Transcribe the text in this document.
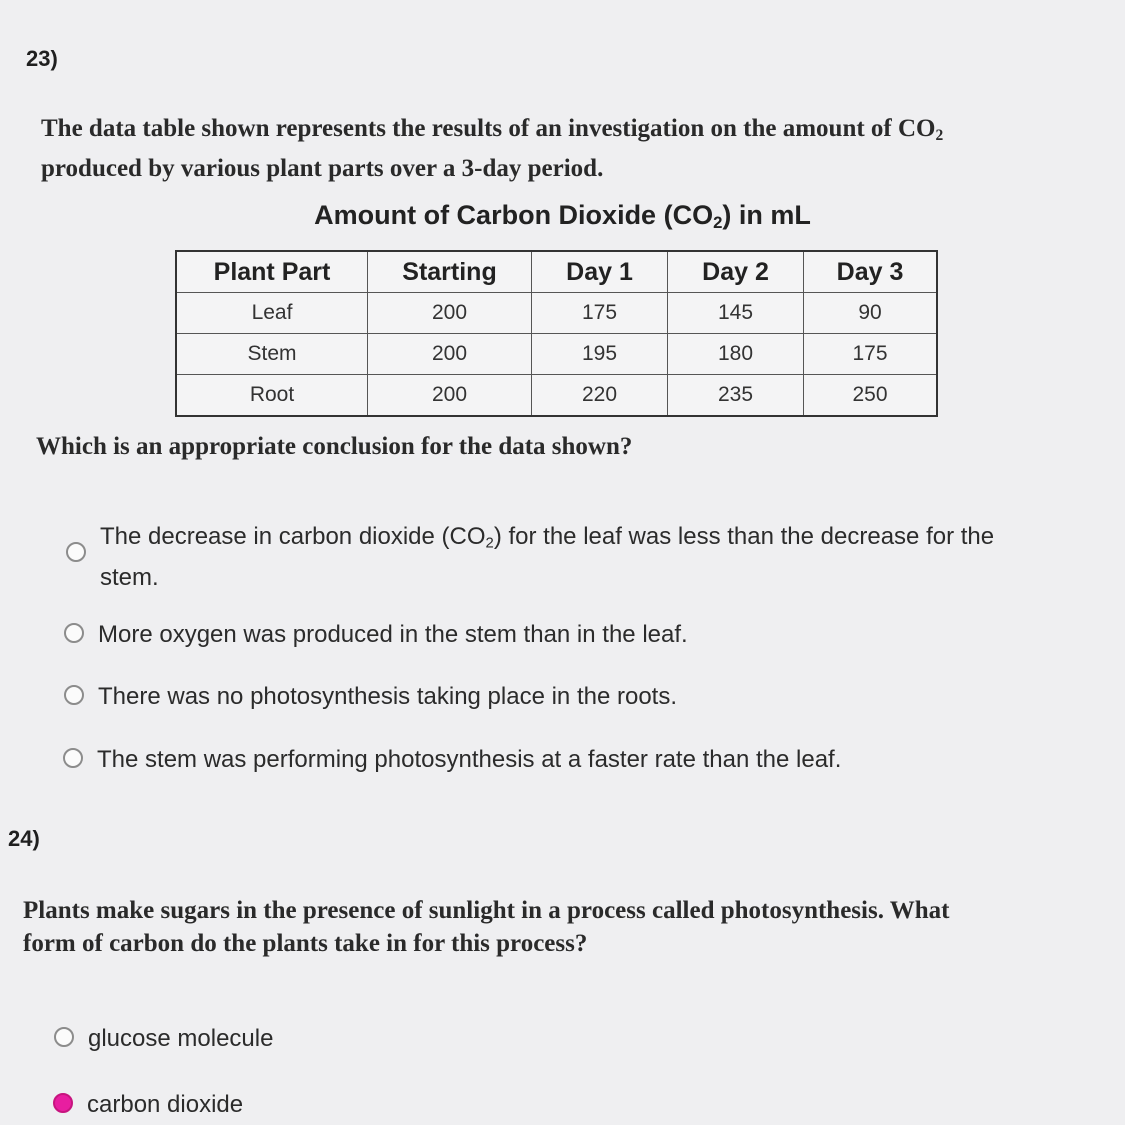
23)
The data table shown represents the results of an investigation on the amount of $CO_2$
produced by various plant parts over a 3-day period.
Amount of Carbon Dioxide $(CO_2)$ in mL
Plant Part	Starting	Day 1	Day 2	Day 3
Leaf	200	175	145	90
Stem	200	195	180	175
Root	200	220	235	250
Which is an appropriate conclusion for the data shown?
The decrease in carbon dioxide $(CO_2)$ for the leaf was less than the decrease for the stem.
More oxygen was produced in the stem than in the leaf.
There was no photosynthesis taking place in the roots.
The stem was performing photosynthesis at a faster rate than the leaf.
24)
Plants make sugars in the presence of sunlight in a process called photosynthesis. What
form of carbon do the plants take in for this process?
glucose molecule
carbon dioxide
